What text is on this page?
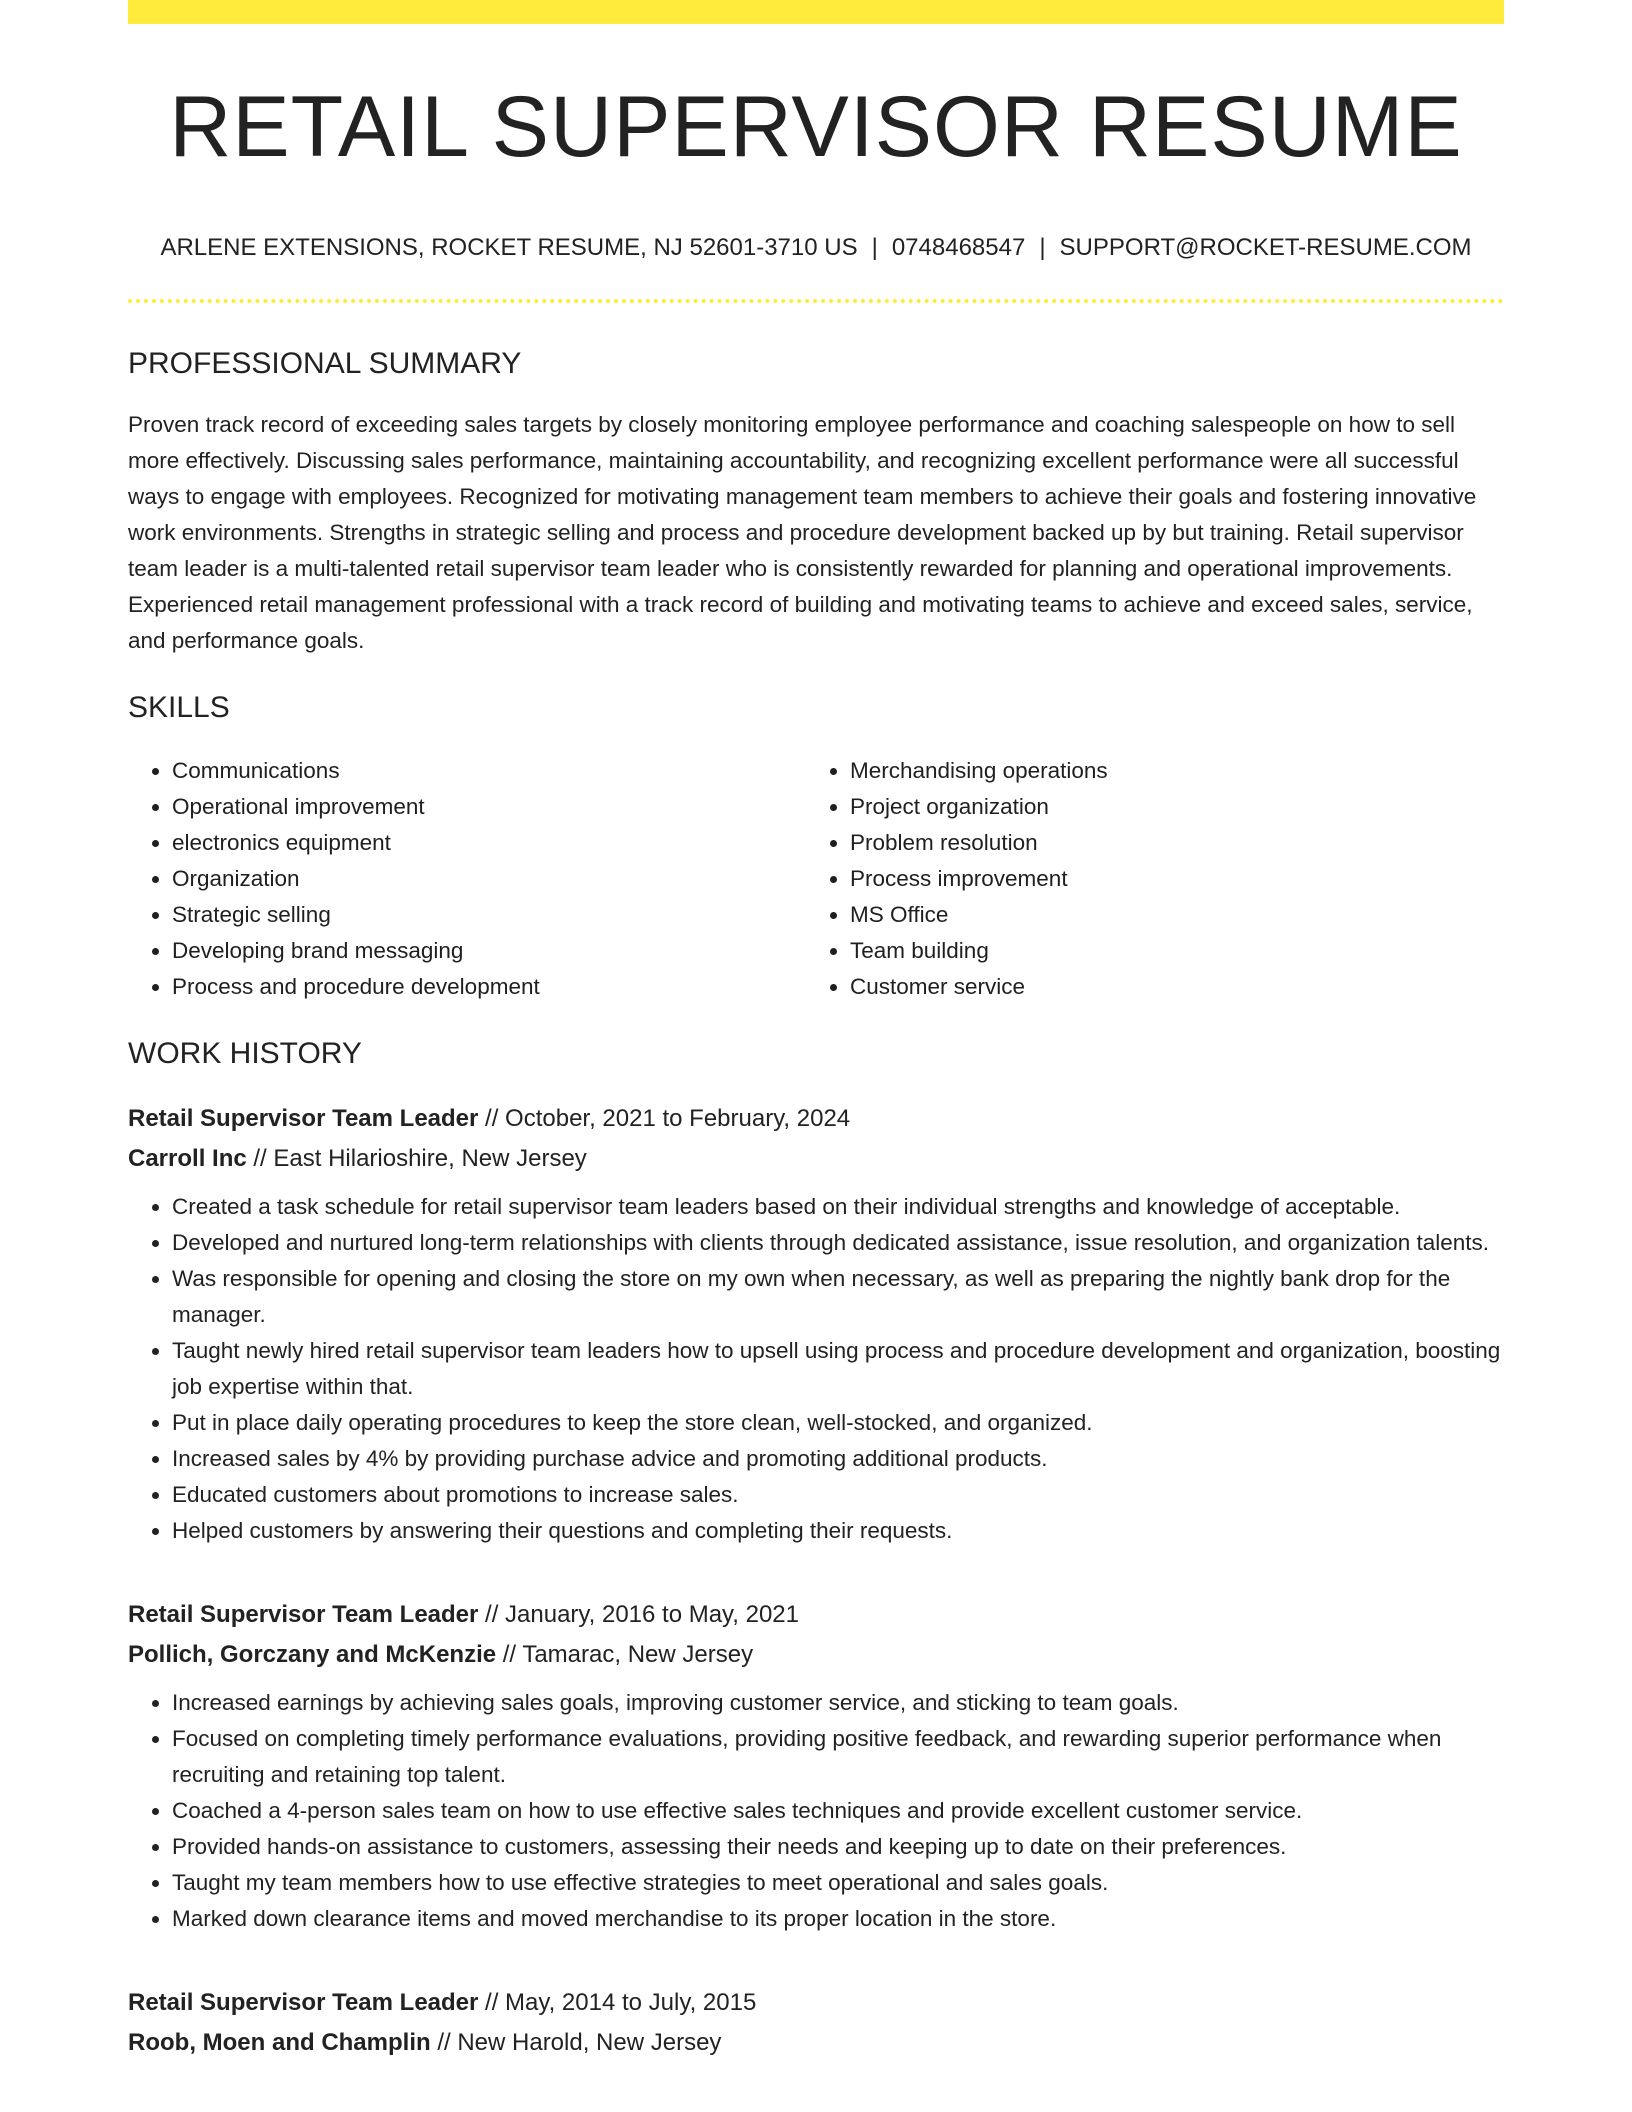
RETAIL SUPERVISOR RESUME
ARLENE EXTENSIONS, ROCKET RESUME, NJ 52601-3710 US | 0748468547 | SUPPORT@ROCKET-RESUME.COM
PROFESSIONAL SUMMARY

Proven track record of exceeding sales targets by closely monitoring employee performance and coaching salespeople on how to sell more effectively. Discussing sales performance, maintaining accountability, and recognizing excellent performance were all successful ways to engage with employees. Recognized for motivating management team members to achieve their goals and fostering innovative work environments. Strengths in strategic selling and process and procedure development backed up by but training. Retail supervisor team leader is a multi-talented retail supervisor team leader who is consistently rewarded for planning and operational improvements. Experienced retail management professional with a track record of building and motivating teams to achieve and exceed sales, service, and performance goals.

SKILLS
• Communications
• Operational improvement
• electronics equipment
• Organization
• Strategic selling
• Developing brand messaging
• Process and procedure development
• Merchandising operations
• Project organization
• Problem resolution
• Process improvement
• MS Office
• Team building
• Customer service
WORK HISTORY
Retail Supervisor Team Leader // October, 2021 to February, 2024
Carroll Inc // East Hilarioshire, New Jersey
• Created a task schedule for retail supervisor team leaders based on their individual strengths and knowledge of acceptable.
• Developed and nurtured long-term relationships with clients through dedicated assistance, issue resolution, and organization talents.
• Was responsible for opening and closing the store on my own when necessary, as well as preparing the nightly bank drop for the manager.
• Taught newly hired retail supervisor team leaders how to upsell using process and procedure development and organization, boosting job expertise within that.
• Put in place daily operating procedures to keep the store clean, well-stocked, and organized.
• Increased sales by 4% by providing purchase advice and promoting additional products.
• Educated customers about promotions to increase sales.
• Helped customers by answering their questions and completing their requests.
Retail Supervisor Team Leader // January, 2016 to May, 2021
Pollich, Gorczany and McKenzie // Tamarac, New Jersey
• Increased earnings by achieving sales goals, improving customer service, and sticking to team goals.
• Focused on completing timely performance evaluations, providing positive feedback, and rewarding superior performance when recruiting and retaining top talent.
• Coached a 4-person sales team on how to use effective sales techniques and provide excellent customer service.
• Provided hands-on assistance to customers, assessing their needs and keeping up to date on their preferences.
• Taught my team members how to use effective strategies to meet operational and sales goals.
• Marked down clearance items and moved merchandise to its proper location in the store.
Retail Supervisor Team Leader // May, 2014 to July, 2015
Roob, Moen and Champlin // New Harold, New Jersey
